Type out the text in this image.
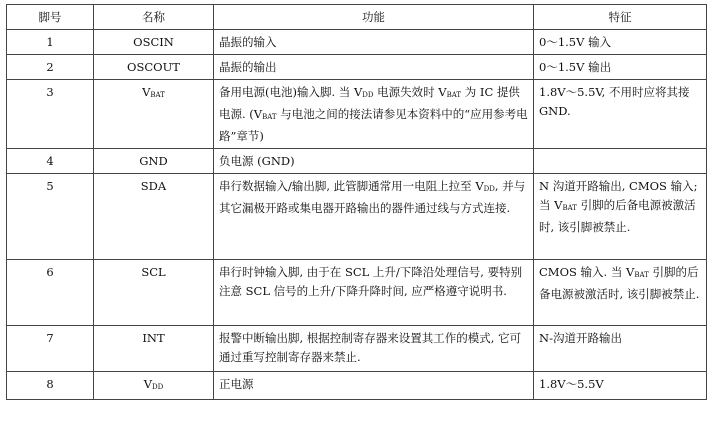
脚号	名称	功能	特征
1	OSCIN	晶振的输入	0～1.5V 输入
2	OSCOUT	晶振的输出	0～1.5V 输出
3	$V_{BAT}$	备用电源(电池)输入脚. 当 $V_{DD}$ 电源失效时 $V_{BAT}$ 为 IC 提供电源. ($V_{BAT}$ 与电池之间的接法请参见本资料中的“应用参考电路”章节)	1.8V～5.5V, 不用时应将其接 GND.
4	GND	负电源 (GND)	
5	SDA	串行数据输入/输出脚, 此管脚通常用一电阻上拉至 $V_{DD}$, 并与其它漏极开路或集电器开路输出的器件通过线与方式连接.	N 沟道开路输出, CMOS 输入; 当 $V_{BAT}$ 引脚的后备电源被激活时, 该引脚被禁止.
6	SCL	串行时钟输入脚, 由于在 SCL 上升/下降沿处理信号, 要特别注意 SCL 信号的上升/下降升降时间, 应严格遵守说明书.	CMOS 输入. 当 $V_{BAT}$ 引脚的后备电源被激活时, 该引脚被禁止.
7	INT	报警中断输出脚, 根据控制寄存器来设置其工作的模式, 它可通过重写控制寄存器来禁止.	N-沟道开路输出
8	$V_{DD}$	正电源	1.8V～5.5V
